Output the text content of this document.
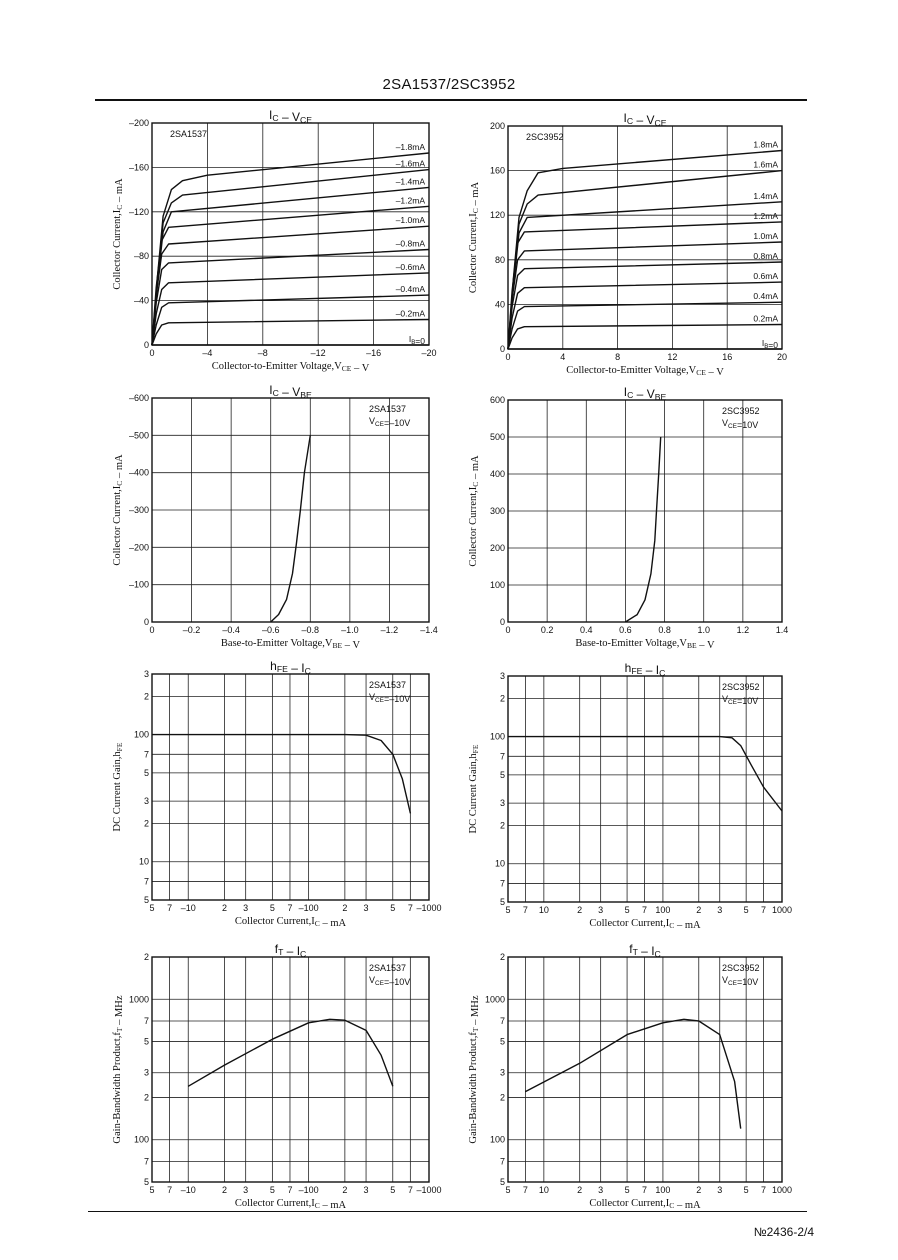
2SA1537/2SC3952
0	–4	–8	–12	–16	–20
0
–40
–80
–120
–160
–200
IC – VCE
Collector-to-Emitter Voltage,VCE – V
Collector Current,IC – mA
2SA1537
$I_B=0$
–0.2mA
–0.4mA
–0.6mA
–0.8mA
–1.0mA
–1.2mA
–1.4mA
–1.6mA
–1.8mA
0	4	8	12	16	20
0
40
80
120
160
200
IC – VCE
Collector-to-Emitter Voltage,VCE – V
Collector Current,IC – mA
2SC3952
$I_B=0$
0.2mA
0.4mA
0.6mA
0.8mA
1.0mA
1.2mA
1.4mA
1.6mA
1.8mA
0	–0.2 –0.4 –0.6 –0.8 –1.0 –1.2 –1.4
0
–100
–200
–300
–400
–500
–600
IC – VBE
Base-to-Emitter Voltage,VBE – V
Collector Current,IC – mA
2SA1537
$V_{CE}=-10V$
0	0.2	0.4	0.6	0.8	1.0	1.2	1.4
0
100
200
300
400
500
600
IC – VBE
Base-to-Emitter Voltage,VBE – V
Collector Current,IC – mA
2SC3952
$V_{CE}=10V$
5 7 –10	2 3 5 7 –100	2 3 5 7 –1000
5
7
10
2
3
5
7
100
2
3
hFE – IC
Collector Current,IC – mA
DC Current Gain,hFE
2SA1537
$V_{CE}=-10V$
5 7 10	2 3 5 7 100	2 3 5 7 1000
5
7
10
2
3
5
7
100
2
3
hFE – IC
Collector Current,IC – mA
DC Current Gain,hFE
2SC3952
$V_{CE}=10V$
5 7 –10	2 3 5 7 –100	2 3 5 7 –1000
5
7
100
2
3
5
7
1000
2
fT – IC
Collector Current,IC – mA
Gain-Bandwidth Product,fT – MHz
2SA1537
$V_{CE}=-10V$
5 7 10	2 3 5 7 100	2 3 5 7 1000
5
7
100
2
3
5
7
1000
2
fT – IC
Collector Current,IC – mA
Gain-Bandwidth Product,fT – MHz
2SC3952
$V_{CE}=10V$
№2436-2/4
